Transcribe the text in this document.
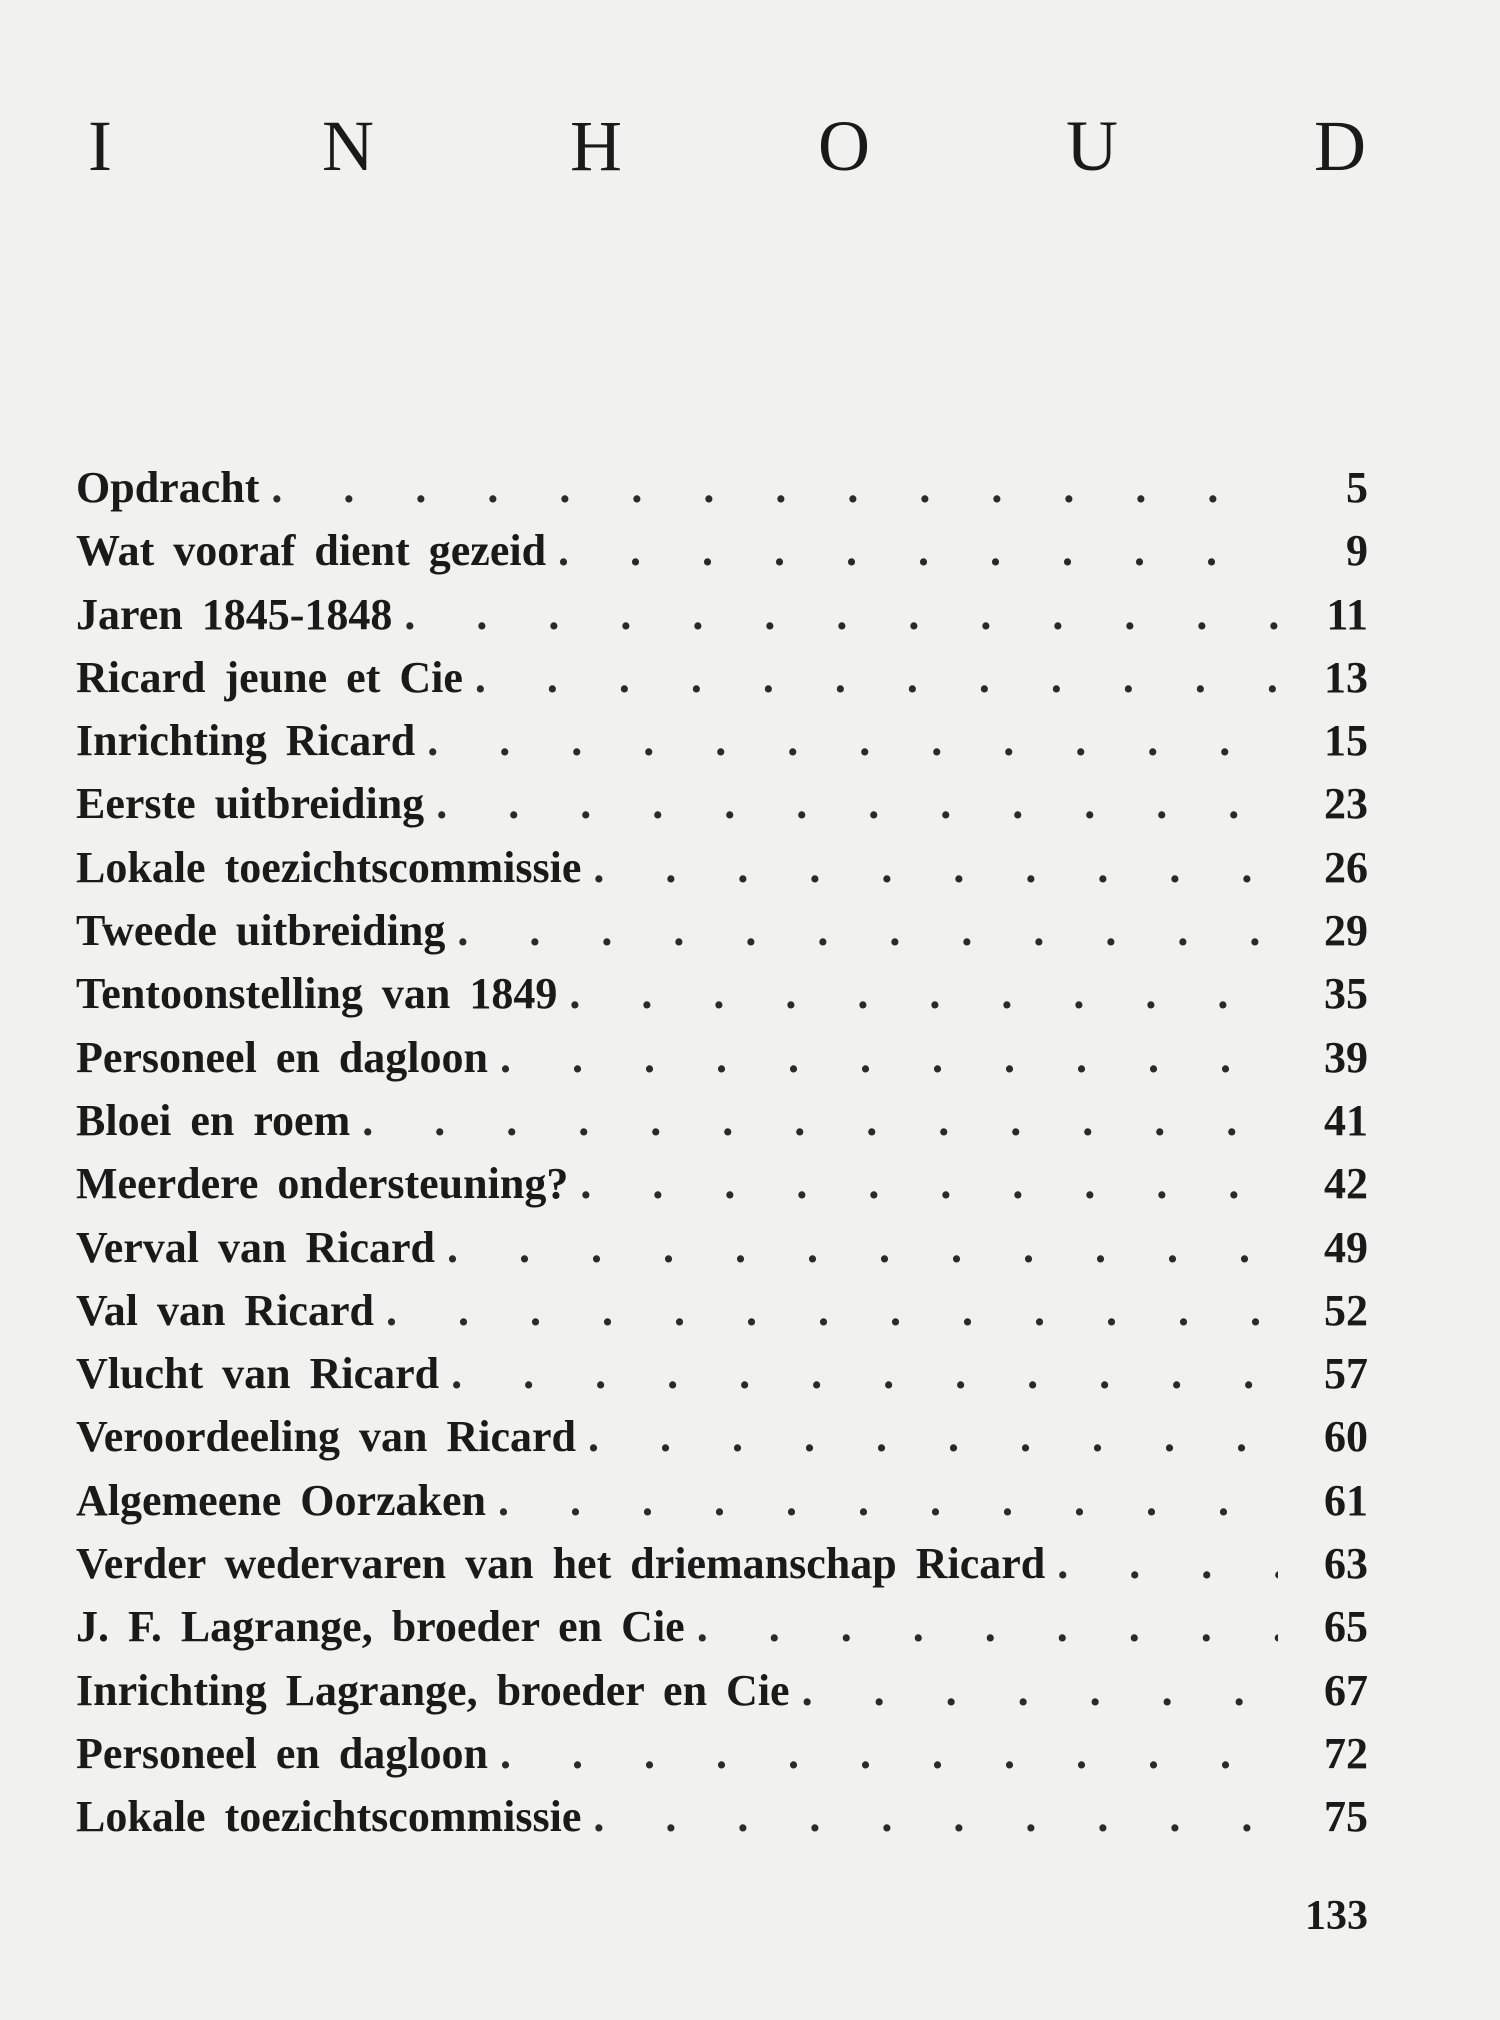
I	N	H	O	U	D
Opdracht . . .	5
Wat vooraf dient gezeid . . .	9
Jaren 1845-1848 . . .	11
Ricard jeune et Cie . . .	13
Inrichting Ricard . . .	15
Eerste uitbreiding . . .	23
Lokale toezichtscommissie . . .	26
Tweede uitbreiding . . .	29
Tentoonstelling van 1849 . . .	35
Personeel en dagloon . . .	39
Bloei en roem . . .	41
Meerdere ondersteuning? . . .	42
Verval van Ricard . . .	49
Val van Ricard . . .	52
Vlucht van Ricard . . .	57
Veroordeeling van Ricard . . .	60
Algemeene Oorzaken . . .	61
Verder wedervaren van het driemanschap Ricard . . .	63
J. F. Lagrange, broeder en Cie . . .	65
Inrichting Lagrange, broeder en Cie . . .	67
Personeel en dagloon . . .	72
Lokale toezichtscommissie . . .	75
133
